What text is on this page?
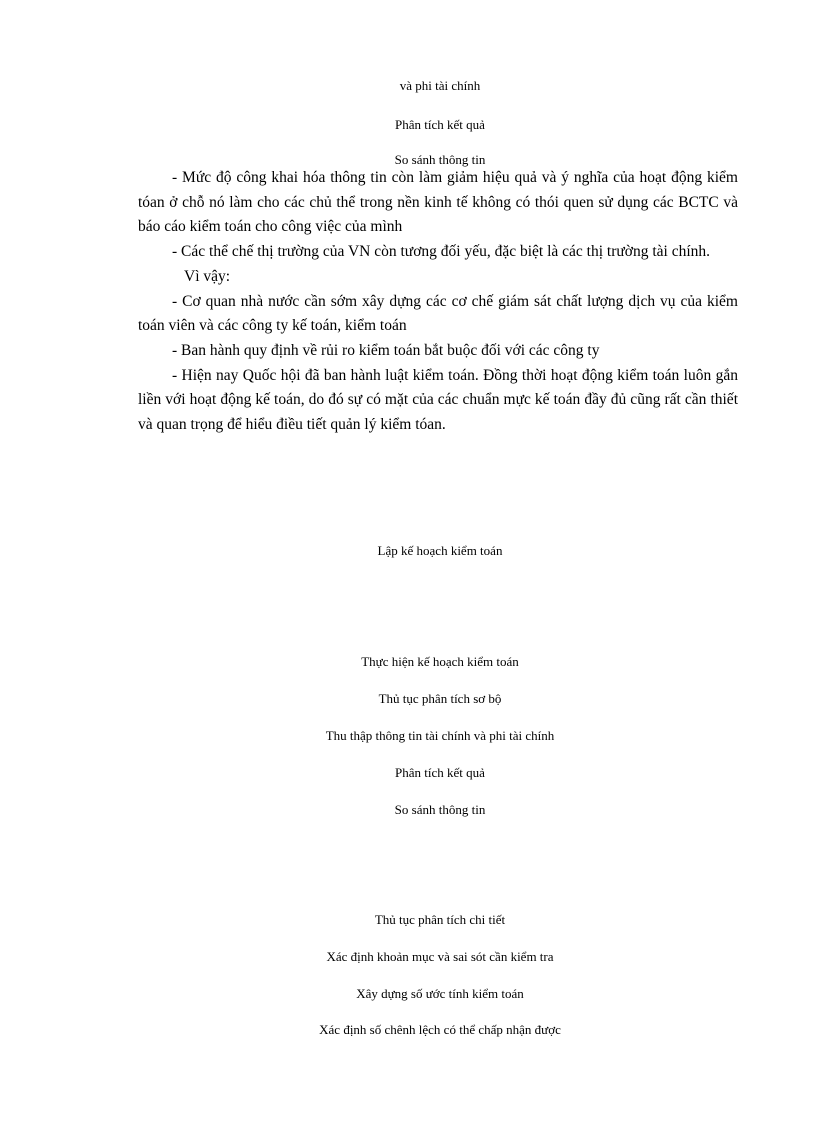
và phi tài chính
Phân tích kết quả
So sánh thông tin

- Mức độ công khai hóa thông tin còn làm giảm hiệu quả và ý nghĩa của hoạt động kiểm tóan ở chỗ nó làm cho các chủ thể trong nền kinh tế không có thói quen sử dụng các BCTC và báo cáo kiểm toán cho công việc của mình

- Các thể chế thị trường của VN còn tương đối yếu, đặc biệt là các thị trường tài chính.

Vì vậy:

- Cơ quan nhà nước cần sớm xây dựng các cơ chế giám sát chất lượng dịch vụ của kiểm toán viên và các công ty kế toán, kiểm toán

- Ban hành quy định về rủi ro kiểm toán bắt buộc đối với các công ty

- Hiện nay Quốc hội đã ban hành luật kiểm toán. Đồng thời hoạt động kiểm toán luôn gắn liền với hoạt động kế toán, do đó sự có mặt của các chuẩn mực kế toán đầy đủ cũng rất cần thiết và quan trọng để hiểu điều tiết quản lý kiểm tóan.

Lập kế hoạch kiểm toán
Thực hiện kế hoạch kiểm toán
Thủ tục phân tích sơ bộ
Thu thập thông tin tài chính và phi tài chính
Phân tích kết quả
So sánh thông tin
Thủ tục phân tích chi tiết
Xác định khoản mục và sai sót cần kiểm tra
Xây dựng số ước tính kiểm toán
Xác định số chênh lệch có thể chấp nhận được
